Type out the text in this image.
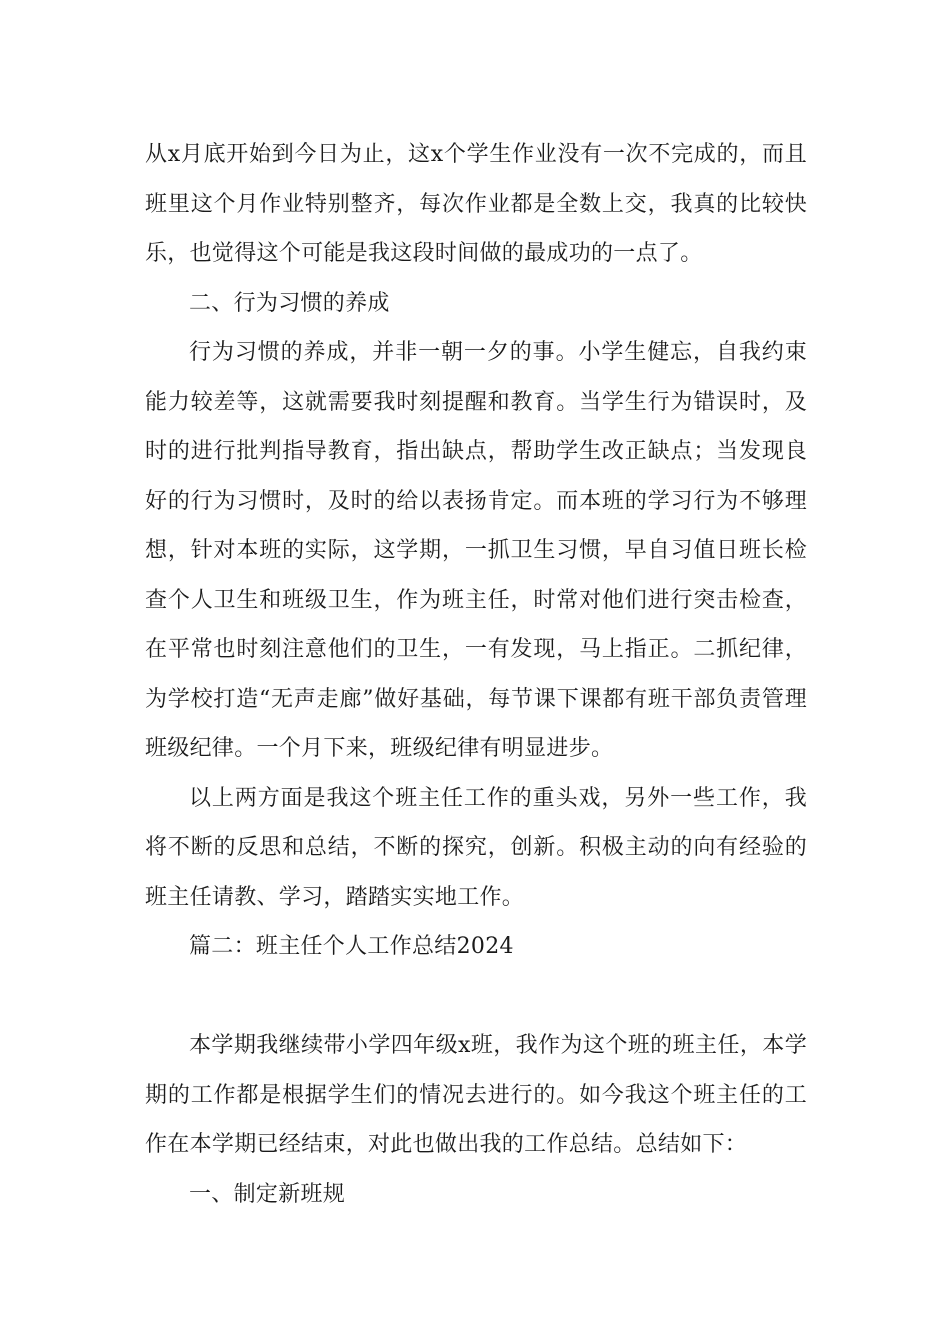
从x月底开始到今日为止，这x个学生作业没有一次不完成的，而且班里这个月作业特别整齐，每次作业都是全数上交，我真的比较快乐，也觉得这个可能是我这段时间做的最成功的一点了。

二、行为习惯的养成

行为习惯的养成，并非一朝一夕的事。小学生健忘，自我约束能力较差等，这就需要我时刻提醒和教育。当学生行为错误时，及时的进行批判指导教育，指出缺点，帮助学生改正缺点；当发现良好的行为习惯时，及时的给以表扬肯定。而本班的学习行为不够理想，针对本班的实际，这学期，一抓卫生习惯，早自习值日班长检查个人卫生和班级卫生，作为班主任，时常对他们进行突击检查，在平常也时刻注意他们的卫生，一有发现，马上指正。二抓纪律，为学校打造“无声走廊”做好基础，每节课下课都有班干部负责管理班级纪律。一个月下来，班级纪律有明显进步。

以上两方面是我这个班主任工作的重头戏，另外一些工作，我将不断的反思和总结，不断的探究，创新。积极主动的向有经验的班主任请教、学习，踏踏实实地工作。

篇二：班主任个人工作总结2024

本学期我继续带小学四年级x班，我作为这个班的班主任，本学期的工作都是根据学生们的情况去进行的。如今我这个班主任的工作在本学期已经结束，对此也做出我的工作总结。总结如下：

一、制定新班规
